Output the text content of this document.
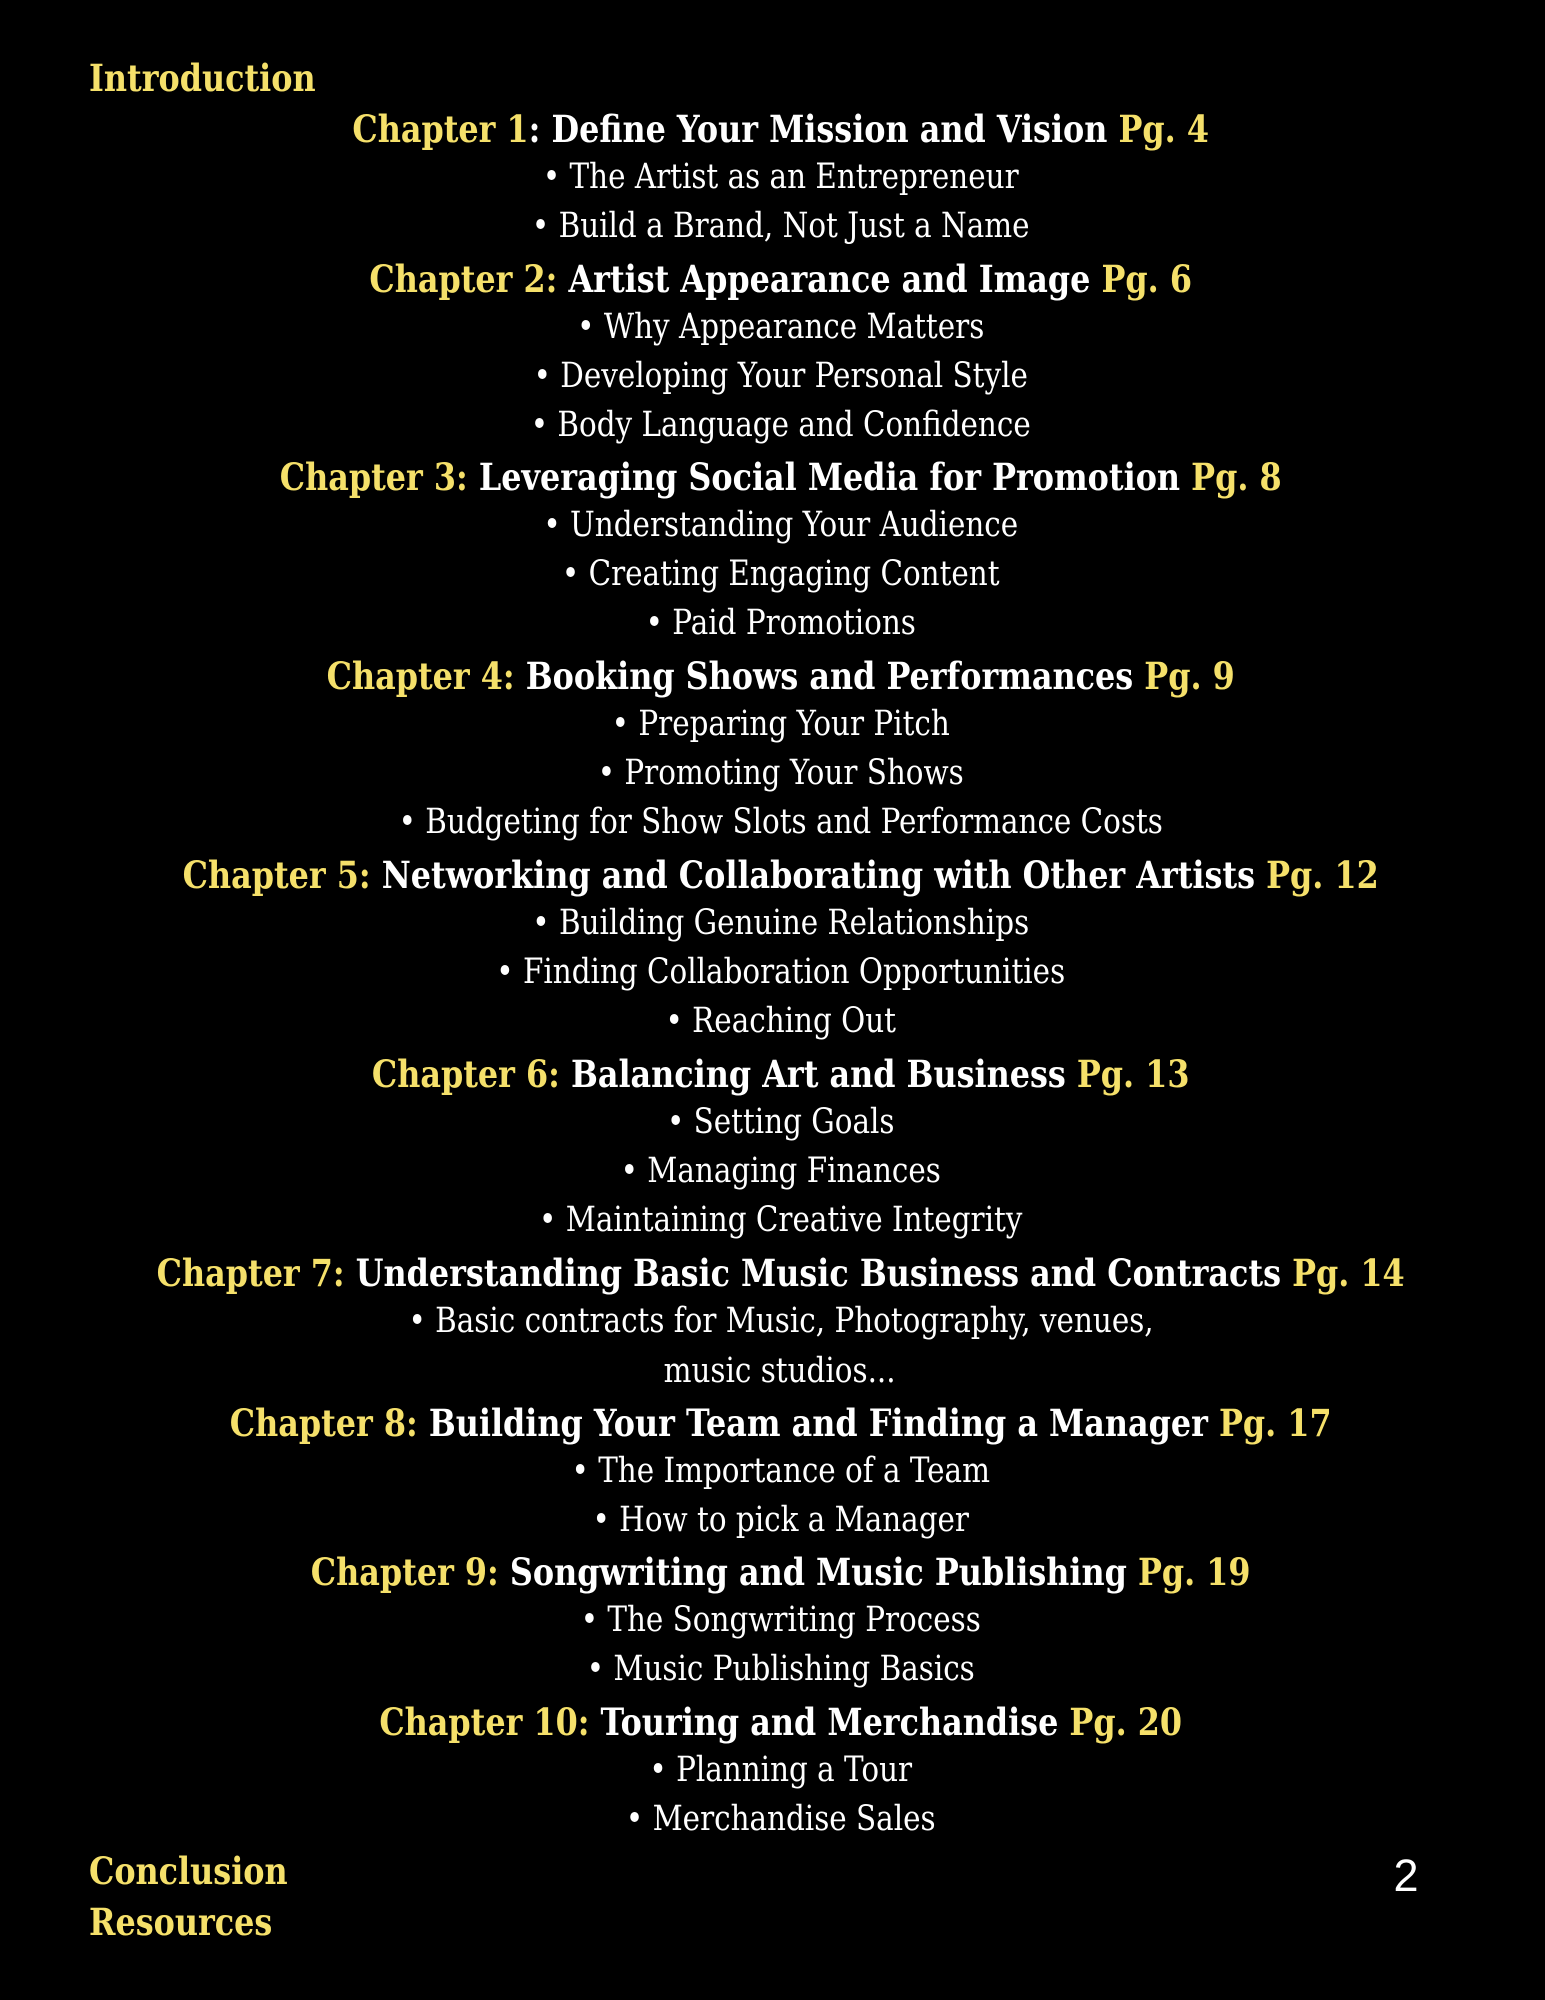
Introduction
Chapter 1: Define Your Mission and Vision Pg. 4
• The Artist as an Entrepreneur
• Build a Brand, Not Just a Name
Chapter 2: Artist Appearance and Image Pg. 6
• Why Appearance Matters
• Developing Your Personal Style
• Body Language and Confidence
Chapter 3: Leveraging Social Media for Promotion Pg. 8
• Understanding Your Audience
• Creating Engaging Content
• Paid Promotions
Chapter 4: Booking Shows and Performances Pg. 9
• Preparing Your Pitch
• Promoting Your Shows
• Budgeting for Show Slots and Performance Costs
Chapter 5: Networking and Collaborating with Other Artists Pg. 12
• Building Genuine Relationships
• Finding Collaboration Opportunities
• Reaching Out
Chapter 6: Balancing Art and Business Pg. 13
• Setting Goals
• Managing Finances
• Maintaining Creative Integrity
Chapter 7: Understanding Basic Music Business and Contracts Pg. 14
• Basic contracts for Music, Photography, venues,
music studios...
Chapter 8: Building Your Team and Finding a Manager Pg. 17
• The Importance of a Team
• How to pick a Manager
Chapter 9: Songwriting and Music Publishing Pg. 19
• The Songwriting Process
• Music Publishing Basics
Chapter 10: Touring and Merchandise Pg. 20
• Planning a Tour
• Merchandise Sales
Conclusion
Resources
2
